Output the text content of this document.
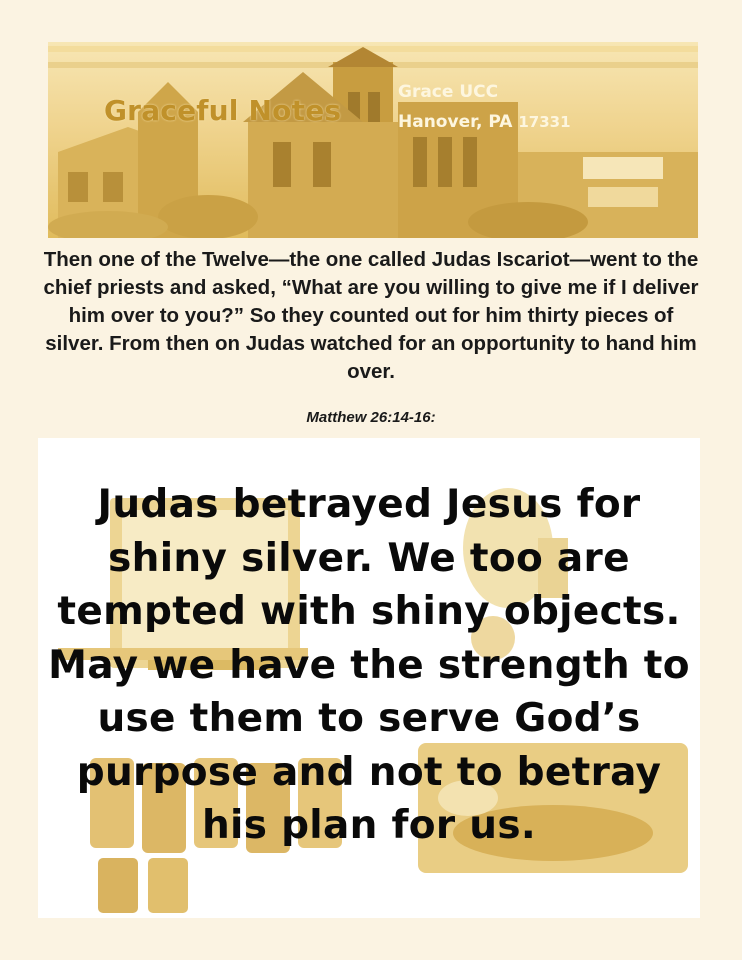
Graceful Notes
Grace UCC
Hanover, PA 17331
Then one of the Twelve—the one called Judas Iscariot—went to the chief priests and asked, “What are you willing to give me if I deliver him over to you?” So they counted out for him thirty pieces of silver. From then on Judas watched for an opportunity to hand him over.
Matthew 26:14-16:
Judas betrayed Jesus for shiny silver. We too are tempted with shiny objects. May we have the strength to use them to serve God’s purpose and not to betray his plan for us.
